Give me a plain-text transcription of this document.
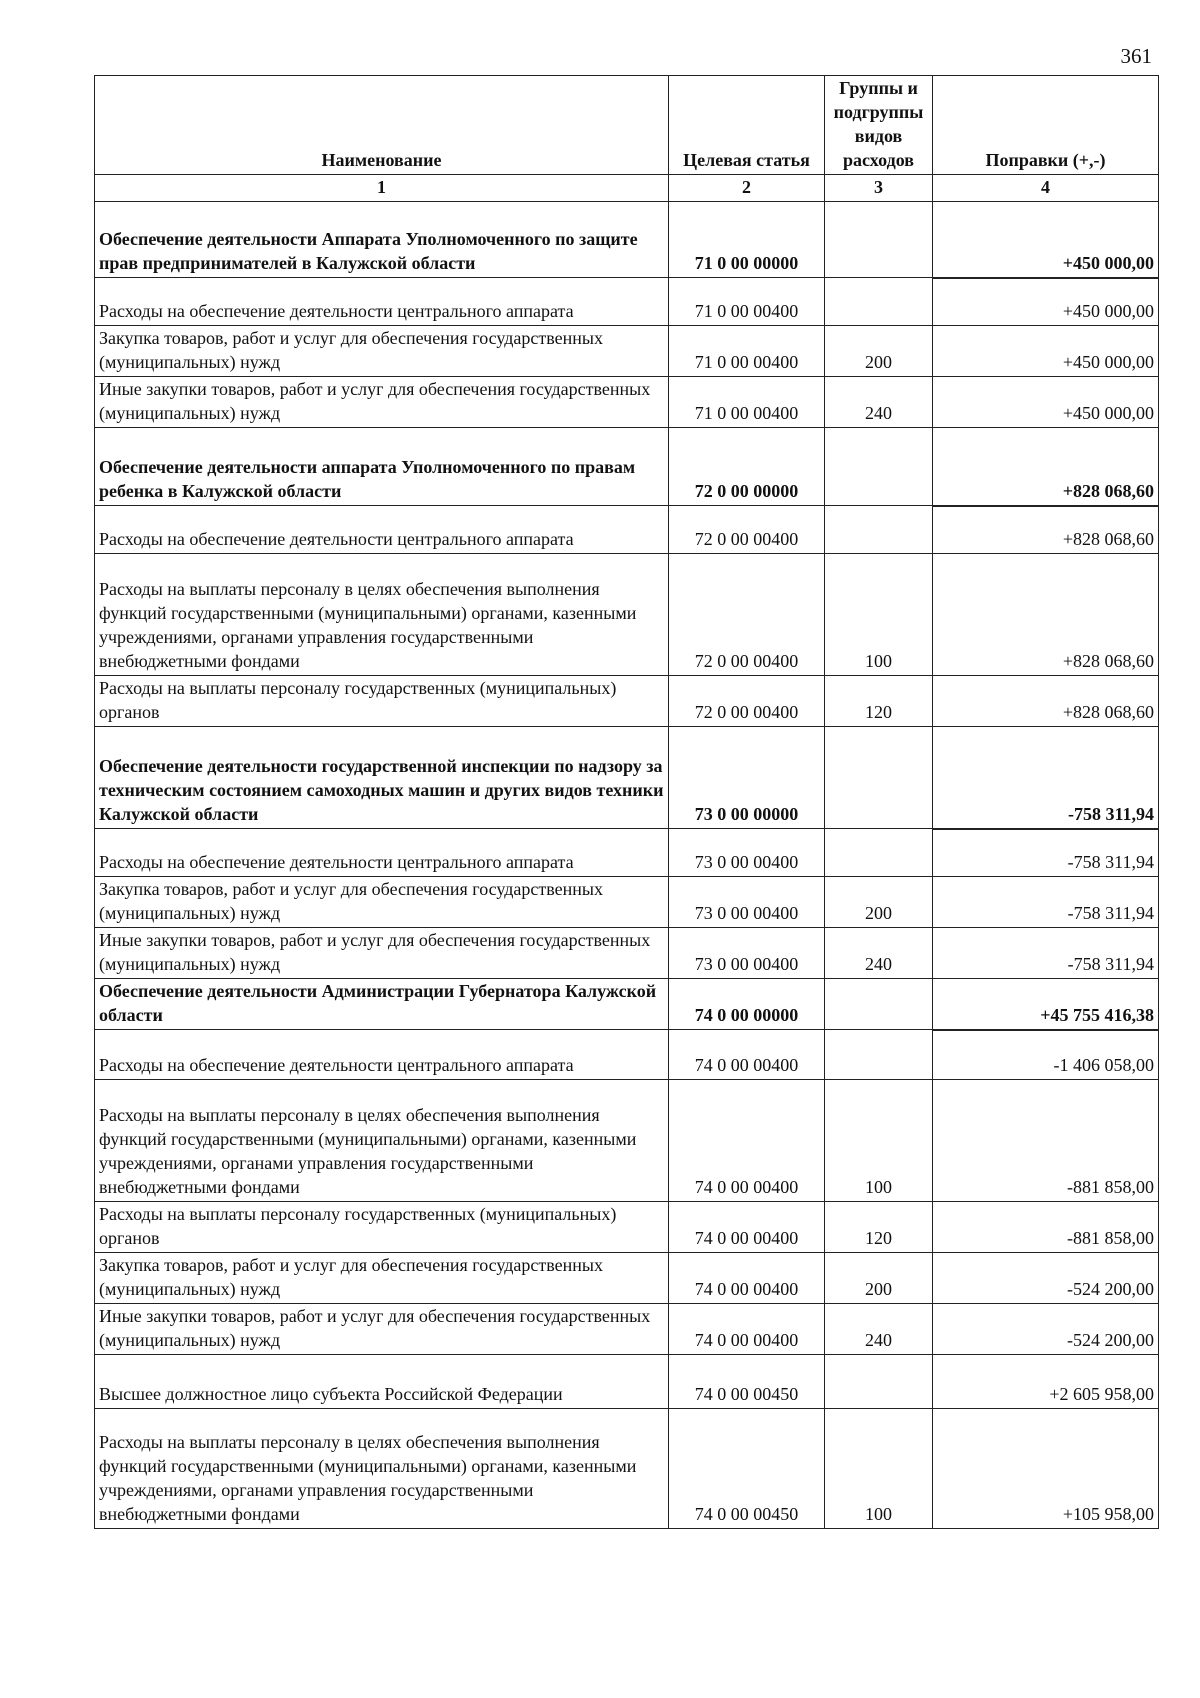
361
Наименование	Целевая статья	Группы и подгруппы видов расходов	Поправки (+,-)
1	2	3	4
Обеспечение деятельности Аппарата Уполномоченного по защите прав предпринимателей в Калужской области	71 0 00 00000		+450 000,00
Расходы на обеспечение деятельности центрального аппарата	71 0 00 00400		+450 000,00
Закупка товаров, работ и услуг для обеспечения государственных (муниципальных) нужд	71 0 00 00400	200	+450 000,00
Иные закупки товаров, работ и услуг для обеспечения государственных (муниципальных) нужд	71 0 00 00400	240	+450 000,00
Обеспечение деятельности аппарата Уполномоченного по правам ребенка в Калужской области	72 0 00 00000		+828 068,60
Расходы на обеспечение деятельности центрального аппарата	72 0 00 00400		+828 068,60
Расходы на выплаты персоналу в целях обеспечения выполнения функций государственными (муниципальными) органами, казенными учреждениями, органами управления государственными внебюджетными фондами	72 0 00 00400	100	+828 068,60
Расходы на выплаты персоналу государственных (муниципальных) органов	72 0 00 00400	120	+828 068,60
Обеспечение деятельности государственной инспекции по надзору за техническим состоянием самоходных машин и других видов техники Калужской области	73 0 00 00000		-758 311,94
Расходы на обеспечение деятельности центрального аппарата	73 0 00 00400		-758 311,94
Закупка товаров, работ и услуг для обеспечения государственных (муниципальных) нужд	73 0 00 00400	200	-758 311,94
Иные закупки товаров, работ и услуг для обеспечения государственных (муниципальных) нужд	73 0 00 00400	240	-758 311,94
Обеспечение деятельности Администрации Губернатора Калужской области	74 0 00 00000		+45 755 416,38
Расходы на обеспечение деятельности центрального аппарата	74 0 00 00400		-1 406 058,00
Расходы на выплаты персоналу в целях обеспечения выполнения функций государственными (муниципальными) органами, казенными учреждениями, органами управления государственными внебюджетными фондами	74 0 00 00400	100	-881 858,00
Расходы на выплаты персоналу государственных (муниципальных) органов	74 0 00 00400	120	-881 858,00
Закупка товаров, работ и услуг для обеспечения государственных (муниципальных) нужд	74 0 00 00400	200	-524 200,00
Иные закупки товаров, работ и услуг для обеспечения государственных (муниципальных) нужд	74 0 00 00400	240	-524 200,00
Высшее должностное лицо субъекта Российской Федерации	74 0 00 00450		+2 605 958,00
Расходы на выплаты персоналу в целях обеспечения выполнения функций государственными (муниципальными) органами, казенными учреждениями, органами управления государственными внебюджетными фондами	74 0 00 00450	100	+105 958,00
